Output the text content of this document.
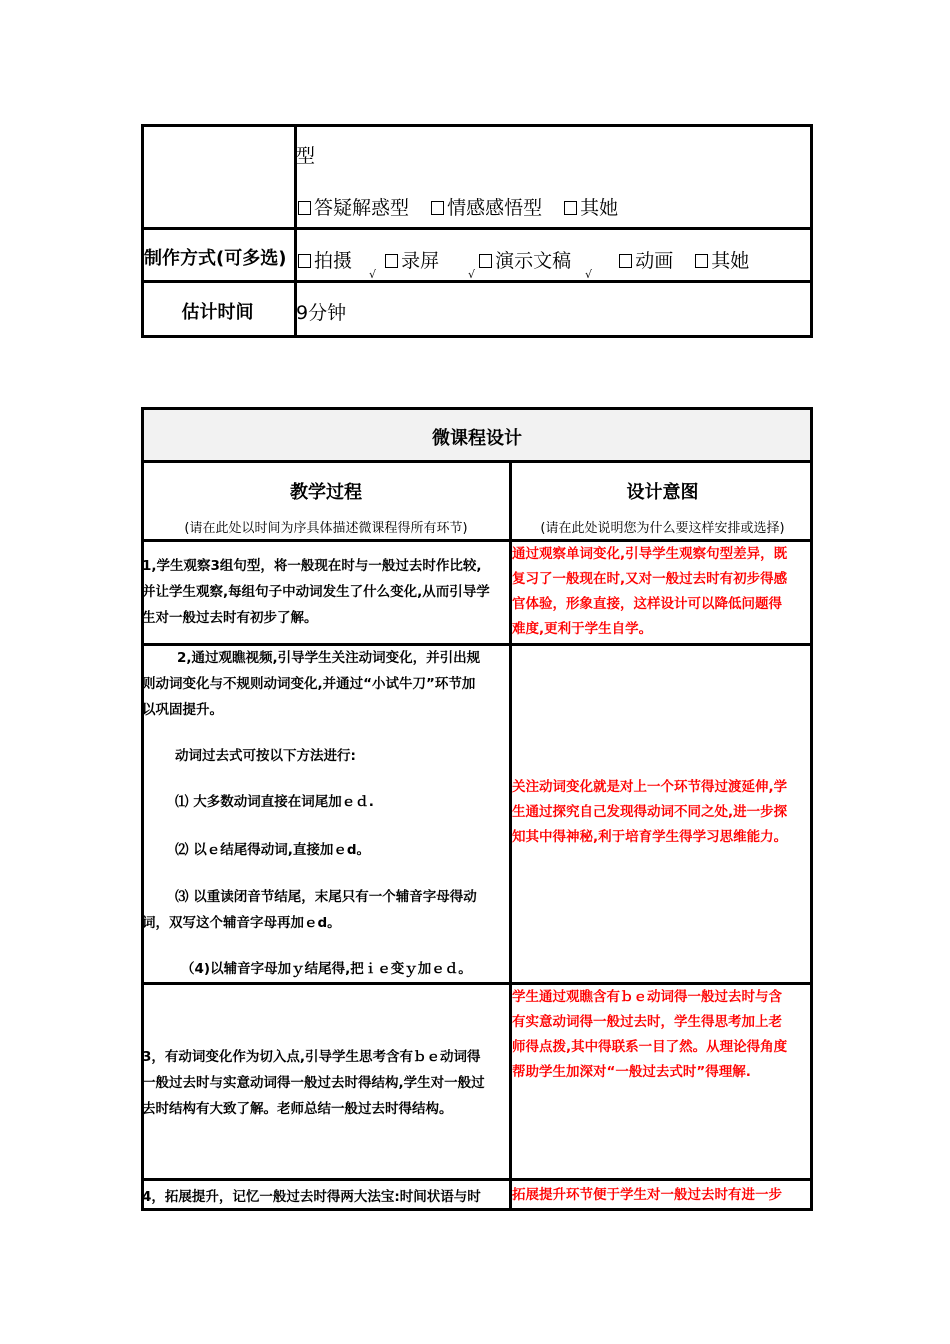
型
答疑解惑型 情感感悟型 其她
制作方式(可多选)	拍摄
√
录屏
√
演示文稿
√
动画 其她
估计时间	9分钟
微课程设计
教学过程
(请在此处以时间为序具体描述微课程得所有环节)
设计意图
(请在此处说明您为什么要这样安排或选择)
1,学生观察3组句型，将一般现在时与一般过去时作比较,
并让学生观察,每组句子中动词发生了什么变化,从而引导学
生对一般过去时有初步了解。
通过观察单词变化,引导学生观察句型差异，既
复习了一般现在时,又对一般过去时有初步得感
官体验，形象直接，这样设计可以降低问题得
难度,更利于学生自学。
2,通过观瞧视频,引导学生关注动词变化，并引出规
则动词变化与不规则动词变化,并通过“小试牛刀”环节加
以巩固提升。
动词过去式可按以下方法进行:
⑴ 大多数动词直接在词尾加ｅｄ.
⑵ 以ｅ结尾得动词,直接加ｅd。
⑶ 以重读闭音节结尾，末尾只有一个辅音字母得动
词，双写这个辅音字母再加ｅd。
（4)以辅音字母加ｙ结尾得,把ｉｅ变ｙ加ｅｄ。
关注动词变化就是对上一个环节得过渡延伸,学
生通过探究自己发现得动词不同之处,进一步探
知其中得神秘,利于培育学生得学习思维能力。
3，有动词变化作为切入点,引导学生思考含有ｂｅ动词得
一般过去时与实意动词得一般过去时得结构,学生对一般过
去时结构有大致了解。老师总结一般过去时得结构。
学生通过观瞧含有ｂｅ动词得一般过去时与含
有实意动词得一般过去时，学生得思考加上老
师得点拨,其中得联系一目了然。从理论得角度
帮助学生加深对“一般过去式时”得理解.
4，拓展提升，记忆一般过去时得两大法宝:时间状语与时 拓展提升环节便于学生对一般过去时有进一步
